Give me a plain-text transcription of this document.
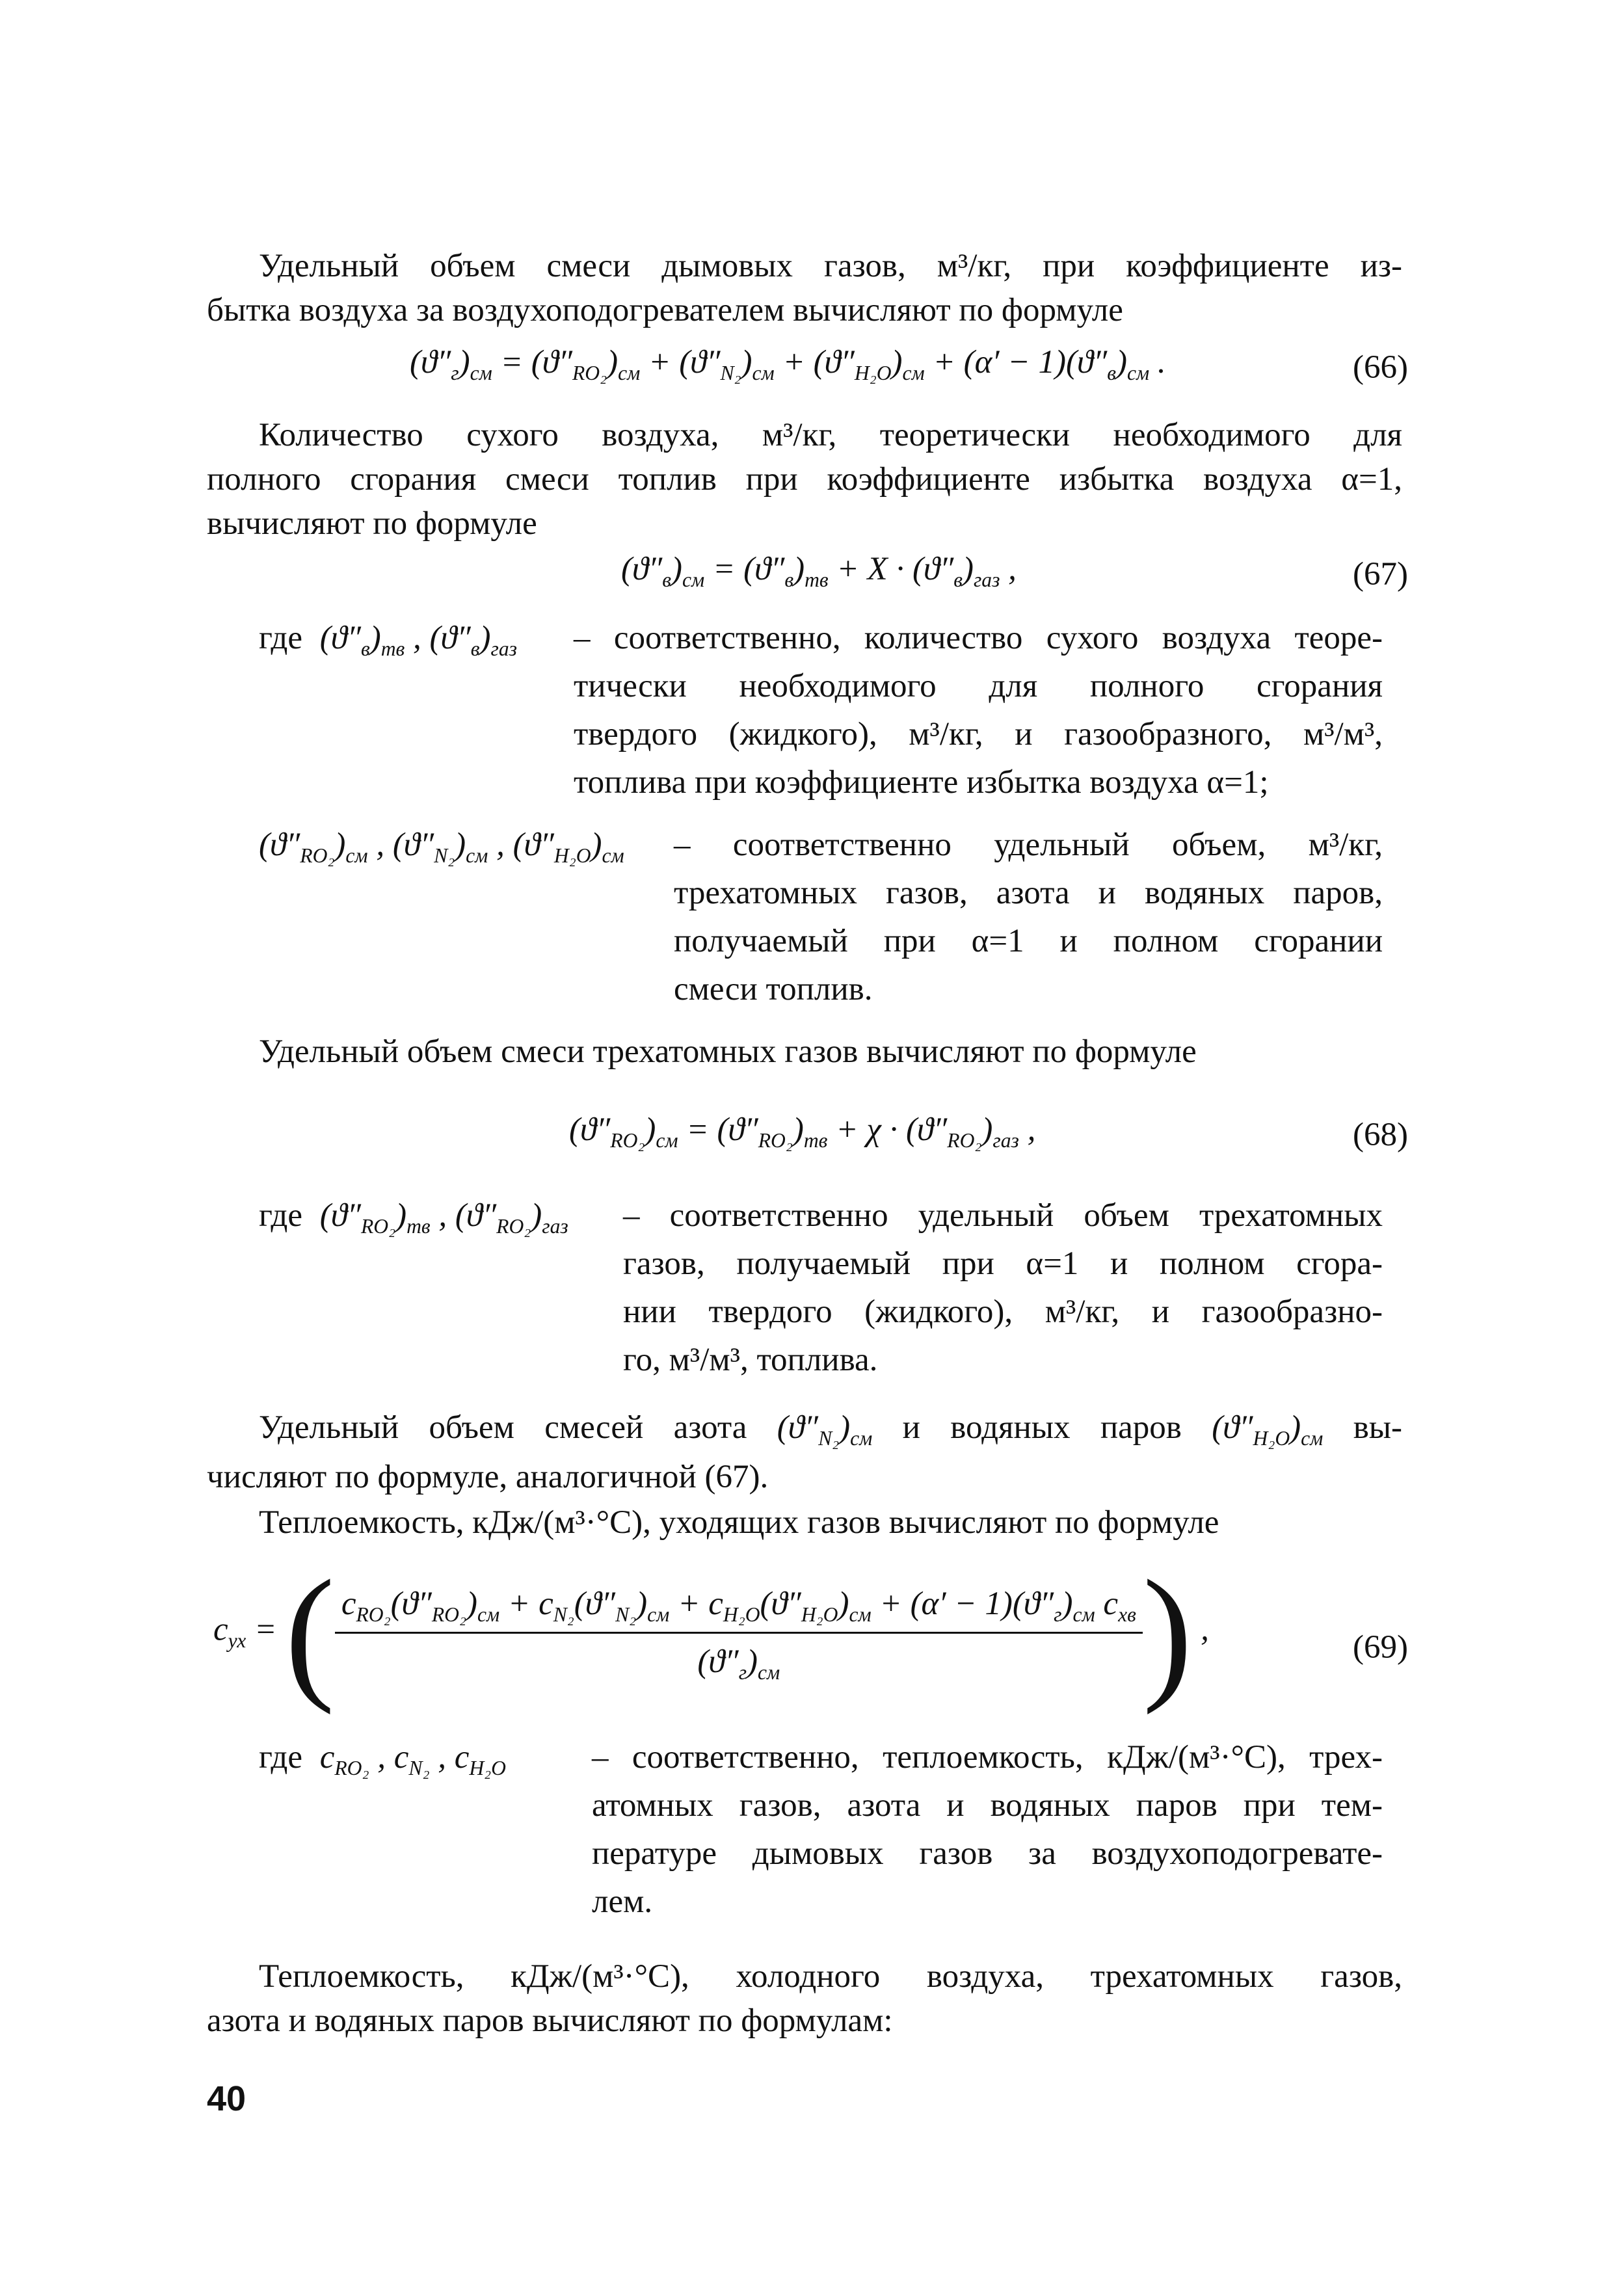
Удельный объем смеси дымовых газов, м³/кг, при коэффициенте из-
бытка воздуха за воздухоподогревателем вычисляют по формуле
$(ϑ''_г)_{см} = (ϑ''_{RO_2})_{см} + (ϑ''_{N_2})_{см} + (ϑ''_{H_2O})_{см} + (\alpha' - 1)(ϑ''_в)_{см}$ .	(66)
Количество сухого воздуха, м³/кг, теоретически необходимого для
полного сгорания смеси топлив при коэффициенте избытка воздуха α=1,
вычисляют по формуле
$(ϑ''_в)_{см} = (ϑ''_в)_{тв} + X \cdot (ϑ''_в)_{газ}$ ,	(67)
где $(ϑ''_в)_{тв}$ , $(ϑ''_в)_{газ}$ – соответственно, количество сухого воздуха теоре-
тически необходимого для полного сгорания
твердого (жидкого), м³/кг, и газообразного, м³/м³,
топлива при коэффициенте избытка воздуха α=1;
$(ϑ''_{RO_2})_{см}$ , $(ϑ''_{N_2})_{см}$ , $(ϑ''_{H_2O})_{см}$ – соответственно удельный объем, м³/кг,
трехатомных газов, азота и водяных паров,
получаемый при α=1 и полном сгорании
смеси топлив.
Удельный объем смеси трехатомных газов вычисляют по формуле
$(ϑ''_{RO_2})_{см} = (ϑ''_{RO_2})_{тв} + \chi \cdot (ϑ''_{RO_2})_{газ}$ ,	(68)
где $(ϑ''_{RO_2})_{тв}$ , $(ϑ''_{RO_2})_{газ}$ – соответственно удельный объем трехатомных
газов, получаемый при α=1 и полном сгора-
нии твердого (жидкого), м³/кг, и газообразно-
го, м³/м³, топлива.
Удельный объем смесей азота $(ϑ''_{N_2})_{см}$ и водяных паров $(ϑ''_{H_2O})_{см}$ вы-
числяют по формуле, аналогичной (67).
Теплоемкость, кДж/(м³·°С), уходящих газов вычисляют по формуле
$c_{ух}$ = ( $c_{RO_2}(ϑ''_{RO_2})_{см} + c_{N_2}(ϑ''_{N_2})_{см} + c_{H_2O}(ϑ''_{H_2O})_{см} + (\alpha' - 1)(ϑ''_г)_{см}$ $c_{хв}$
$(ϑ''_г)_{см}$	) ,	(69)
где $c_{RO_2}$ , $c_{N_2}$ , $c_{H_2O}$	– соответственно, теплоемкость, кДж/(м³·°С), трех-
атомных газов, азота и водяных паров при тем-
пературе дымовых газов за воздухоподогревате-
лем.
Теплоемкость, кДж/(м³·°С), холодного воздуха, трехатомных газов,
азота и водяных паров вычисляют по формулам:
40
